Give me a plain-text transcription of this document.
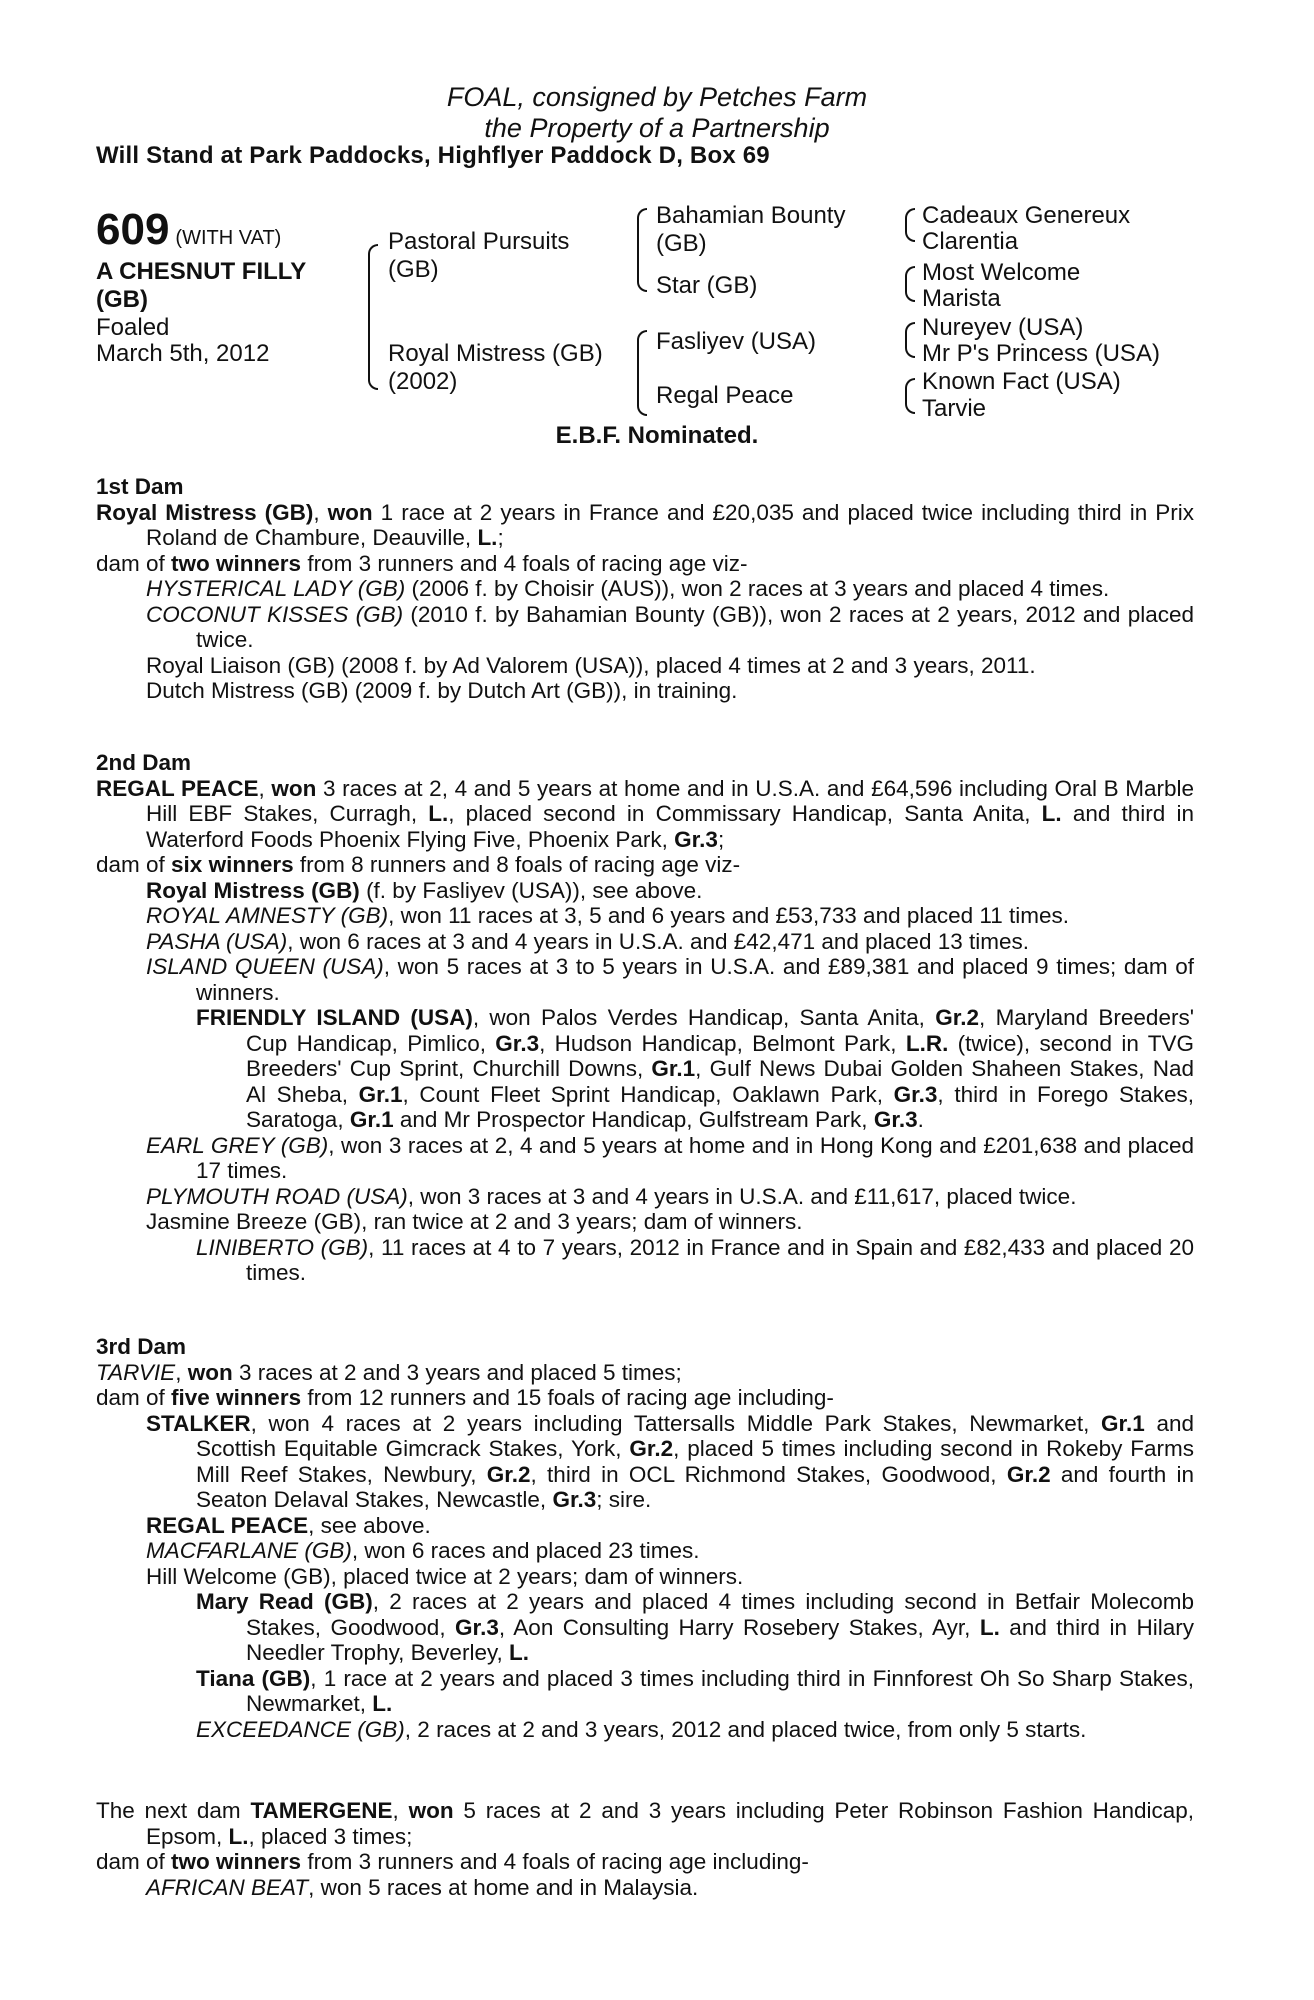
FOAL, consigned by Petches Farm
the Property of a Partnership
Will Stand at Park Paddocks, Highflyer Paddock D, Box 69
609 (WITH VAT)
A CHESNUT FILLY
(GB)
Foaled
March 5th, 2012
Pastoral Pursuits
(GB)
Royal Mistress (GB)
(2002)
Bahamian Bounty
(GB)
Star (GB)
Fasliyev (USA)
Regal Peace
Cadeaux Genereux
Clarentia
Most Welcome
Marista
Nureyev (USA)
Mr P's Princess (USA)
Known Fact (USA)
Tarvie
E.B.F. Nominated.

1st Dam

Royal Mistress (GB), won 1 race at 2 years in France and £20,035 and placed twice including third in Prix Roland de Chambure, Deauville, L.;

dam of two winners from 3 runners and 4 foals of racing age viz-

HYSTERICAL LADY (GB) (2006 f. by Choisir (AUS)), won 2 races at 3 years and placed 4 times.

COCONUT KISSES (GB) (2010 f. by Bahamian Bounty (GB)), won 2 races at 2 years, 2012 and placed twice.

Royal Liaison (GB) (2008 f. by Ad Valorem (USA)), placed 4 times at 2 and 3 years, 2011.

Dutch Mistress (GB) (2009 f. by Dutch Art (GB)), in training.

2nd Dam

REGAL PEACE, won 3 races at 2, 4 and 5 years at home and in U.S.A. and £64,596 including Oral B Marble Hill EBF Stakes, Curragh, L., placed second in Commissary Handicap, Santa Anita, L. and third in Waterford Foods Phoenix Flying Five, Phoenix Park, Gr.3;

dam of six winners from 8 runners and 8 foals of racing age viz-

Royal Mistress (GB) (f. by Fasliyev (USA)), see above.

ROYAL AMNESTY (GB), won 11 races at 3, 5 and 6 years and £53,733 and placed 11 times.

PASHA (USA), won 6 races at 3 and 4 years in U.S.A. and £42,471 and placed 13 times.

ISLAND QUEEN (USA), won 5 races at 3 to 5 years in U.S.A. and £89,381 and placed 9 times; dam of winners.

FRIENDLY ISLAND (USA), won Palos Verdes Handicap, Santa Anita, Gr.2, Maryland Breeders' Cup Handicap, Pimlico, Gr.3, Hudson Handicap, Belmont Park, L.R. (twice), second in TVG Breeders' Cup Sprint, Churchill Downs, Gr.1, Gulf News Dubai Golden Shaheen Stakes, Nad Al Sheba, Gr.1, Count Fleet Sprint Handicap, Oaklawn Park, Gr.3, third in Forego Stakes, Saratoga, Gr.1 and Mr Prospector Handicap, Gulfstream Park, Gr.3.

EARL GREY (GB), won 3 races at 2, 4 and 5 years at home and in Hong Kong and £201,638 and placed 17 times.

PLYMOUTH ROAD (USA), won 3 races at 3 and 4 years in U.S.A. and £11,617, placed twice.

Jasmine Breeze (GB), ran twice at 2 and 3 years; dam of winners.

LINIBERTO (GB), 11 races at 4 to 7 years, 2012 in France and in Spain and £82,433 and placed 20 times.

3rd Dam

TARVIE, won 3 races at 2 and 3 years and placed 5 times;

dam of five winners from 12 runners and 15 foals of racing age including-

STALKER, won 4 races at 2 years including Tattersalls Middle Park Stakes, Newmarket, Gr.1 and Scottish Equitable Gimcrack Stakes, York, Gr.2, placed 5 times including second in Rokeby Farms Mill Reef Stakes, Newbury, Gr.2, third in OCL Richmond Stakes, Goodwood, Gr.2 and fourth in Seaton Delaval Stakes, Newcastle, Gr.3; sire.

REGAL PEACE, see above.

MACFARLANE (GB), won 6 races and placed 23 times.

Hill Welcome (GB), placed twice at 2 years; dam of winners.

Mary Read (GB), 2 races at 2 years and placed 4 times including second in Betfair Molecomb Stakes, Goodwood, Gr.3, Aon Consulting Harry Rosebery Stakes, Ayr, L. and third in Hilary Needler Trophy, Beverley, L.

Tiana (GB), 1 race at 2 years and placed 3 times including third in Finnforest Oh So Sharp Stakes, Newmarket, L.

EXCEEDANCE (GB), 2 races at 2 and 3 years, 2012 and placed twice, from only 5 starts.

The next dam TAMERGENE, won 5 races at 2 and 3 years including Peter Robinson Fashion Handicap, Epsom, L., placed 3 times;

dam of two winners from 3 runners and 4 foals of racing age including-

AFRICAN BEAT, won 5 races at home and in Malaysia.
